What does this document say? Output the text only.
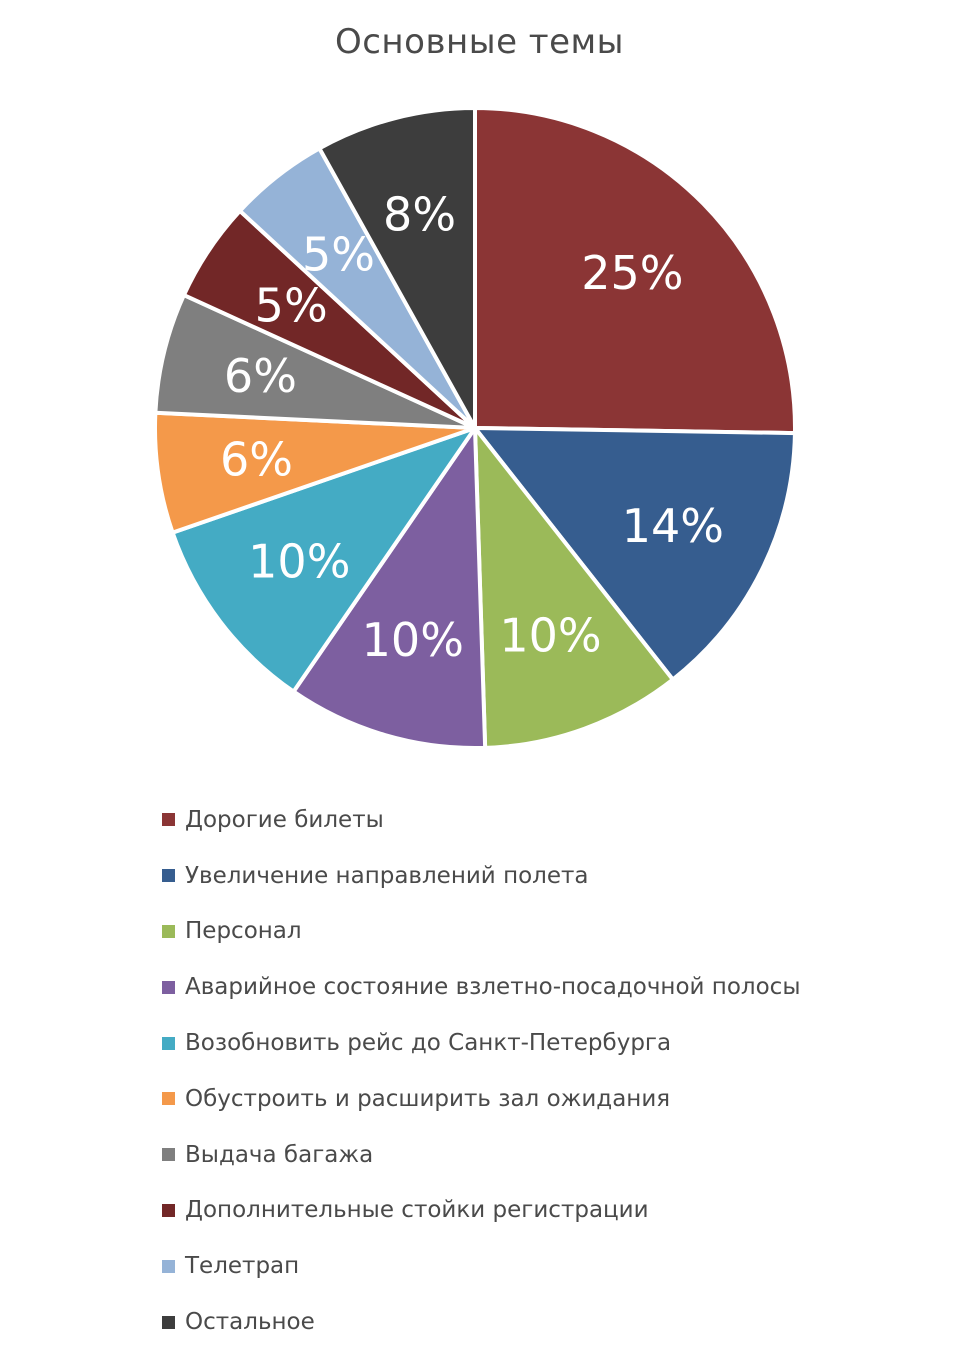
Основные темы
25%
14%
10%
10%
10%
6%
6%
5%
5%
8%
Дорогие билеты
Увеличение направлений полета
Персонал
Аварийное состояние взлетно-посадочной полосы
Возобновить рейс до Санкт-Петербурга
Обустроить и расширить зал ожидания
Выдача багажа
Дополнительные стойки регистрации
Телетрап
Остальное
